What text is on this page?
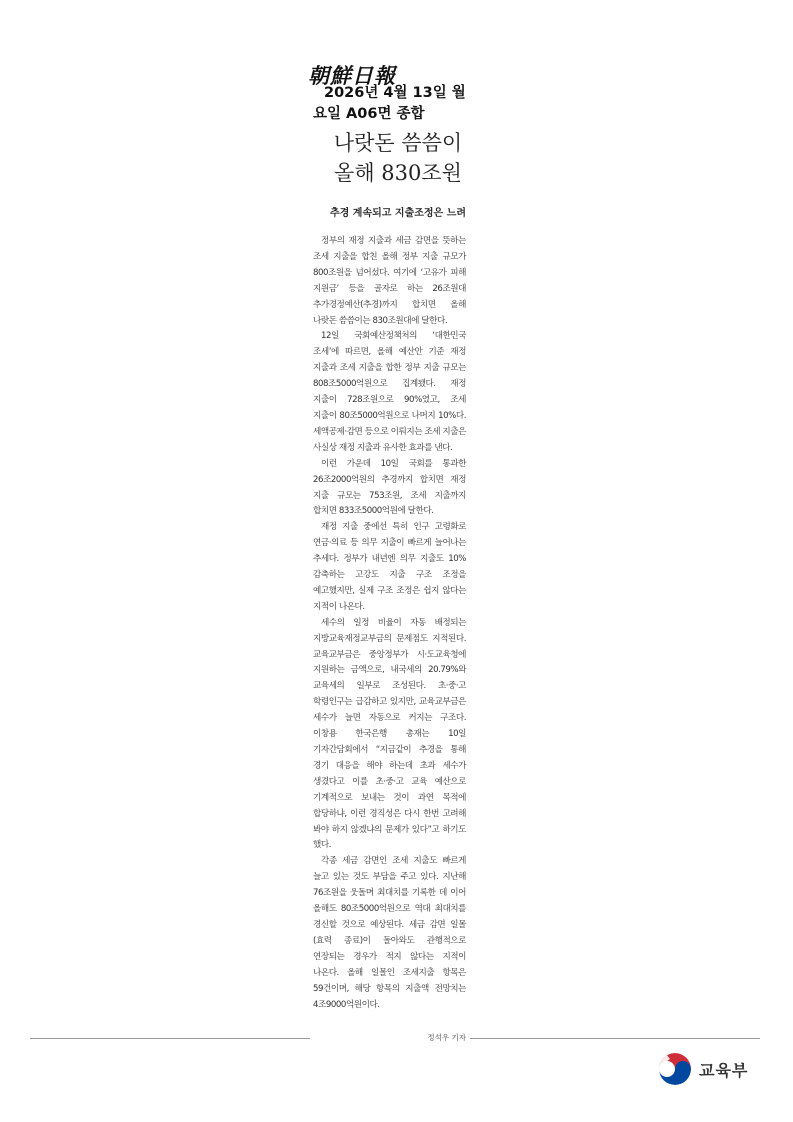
朝鮮日報
2026년 4월 13일 월
요일 A06면 종합
나랏돈 씀씀이
올해 830조원
추경 계속되고 지출조정은 느려

정부의 재정 지출과 세금 감면을 뜻하는 조세 지출을 합친 올해 정부 지출 규모가 800조원을 넘어섰다. 여기에 ‘고유가 피해 지원금’ 등을 골자로 하는 26조원대 추가경정예산(추경)까지 합치면 올해 나랏돈 씀씀이는 830조원대에 달한다.

12일 국회예산정책처의 ‘대한민국 조세’에 따르면, 올해 예산안 기준 재정 지출과 조세 지출을 합한 정부 지출 규모는 808조5000억원으로 집계됐다. 재정 지출이 728조원으로 90%였고, 조세 지출이 80조5000억원으로 나머지 10%다. 세액공제·감면 등으로 이뤄지는 조세 지출은 사실상 재정 지출과 유사한 효과를 낸다.

이런 가운데 10일 국회를 통과한 26조2000억원의 추경까지 합치면 재정 지출 규모는 753조원, 조세 지출까지 합치면 833조5000억원에 달한다.

재정 지출 중에선 특히 인구 고령화로 연금·의료 등 의무 지출이 빠르게 늘어나는 추세다. 정부가 내년엔 의무 지출도 10% 감축하는 고강도 지출 구조 조정을 예고했지만, 실제 구조 조정은 쉽지 않다는 지적이 나온다.

세수의 일정 비율이 자동 배정되는 지방교육재정교부금의 문제점도 지적된다. 교육교부금은 중앙정부가 시·도교육청에 지원하는 금액으로, 내국세의 20.79%와 교육세의 일부로 조성된다. 초·중·고 학령인구는 급감하고 있지만, 교육교부금은 세수가 늘면 자동으로 커지는 구조다. 이창용 한국은행 총재는 10일 기자간담회에서 “지금같이 추경을 통해 경기 대응을 해야 하는데 초과 세수가 생겼다고 이를 초·중·고 교육 예산으로 기계적으로 보내는 것이 과연 목적에 합당하냐, 이런 경직성은 다시 한번 고려해 봐야 하지 않겠냐의 문제가 있다”고 하기도 했다.

각종 세금 감면인 조세 지출도 빠르게 늘고 있는 것도 부담을 주고 있다. 지난해 76조원을 웃돌며 최대치를 기록한 데 이어 올해도 80조5000억원으로 역대 최대치를 경신할 것으로 예상된다. 세금 감면 일몰(효력 종료)이 돌아와도 관행적으로 연장되는 경우가 적지 않다는 지적이 나온다. 올해 일몰인 조세지출 항목은 59건이며, 해당 항목의 지출액 전망치는 4조9000억원이다.

정석우 기자
교육부
